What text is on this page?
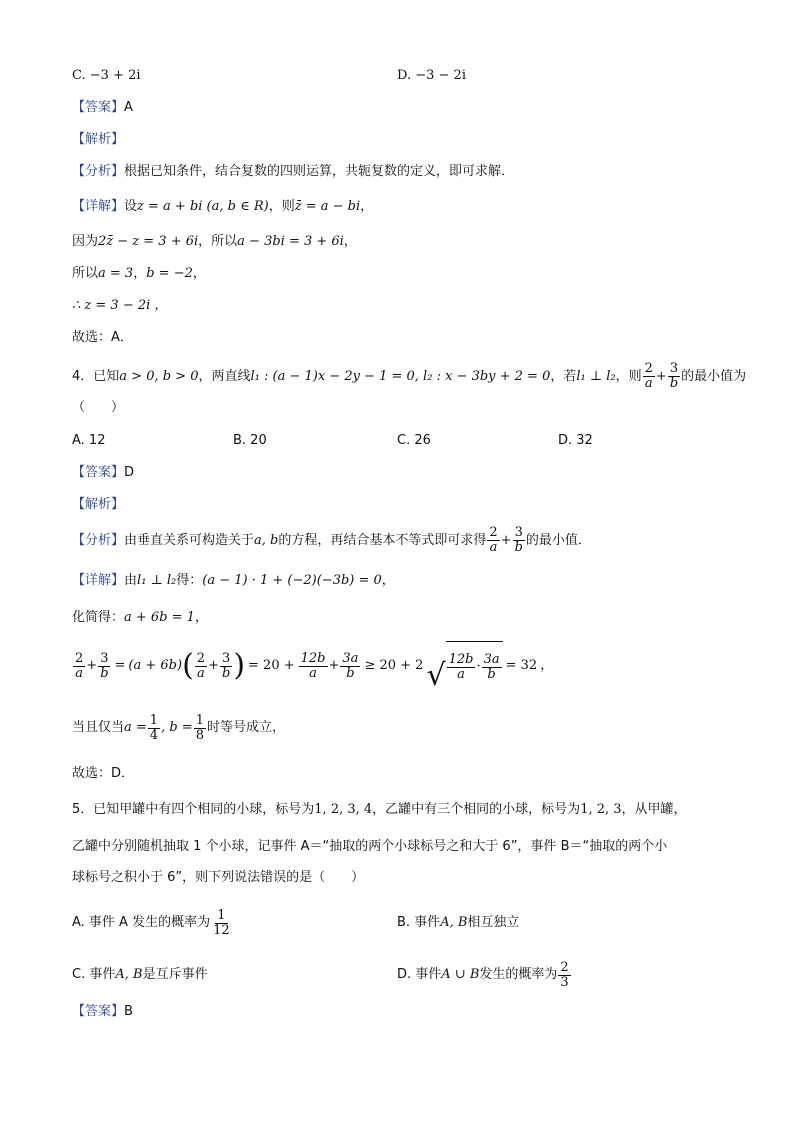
C. −3 + 2i	D. −3 − 2i
【答案】A
【解析】
【分析】根据已知条件，结合复数的四则运算，共轭复数的定义，即可求解．
【详解】设z = a + bi (a, b ∈ R)，则z̄ = a − bi，
因为2z̄ − z = 3 + 6i，所以a − 3bi = 3 + 6i，
所以a = 3，b = −2，
∴ z = 3 − 2i ，
故选：A．
4．已知a > 0, b > 0，两直线l₁ : (a − 1)x − 2y − 1 = 0, l₂ : x − 3by + 2 = 0，若l₁ ⊥ l₂，则 $\frac{2}{a} + \frac{3}{b}$ 的最小值为
（　　）
A. 12	B. 20	C. 26	D. 32
【答案】D
【解析】
【分析】由垂直关系可构造关于a, b的方程，再结合基本不等式即可求得 $\frac{2}{a} + \frac{3}{b}$ 的最小值．
【详解】由l₁ ⊥ l₂得：(a − 1) · 1 + (−2)(−3b) = 0，
化简得：a + 6b = 1，
$\frac{2}{a} + \frac{3}{b} = (a + 6b)$ ( $\frac{2}{a} + \frac{3}{b}$ ) = $20 + \frac{12b}{a} + \frac{3a}{b} \ge 20 + 2$ √ $\frac{12b}{a} \cdot \frac{3a}{b} = 32$ ，
当且仅当 $a = \frac{1}{4}$ , $b = \frac{1}{8}$ 时等号成立，
故选：D．
5．已知甲罐中有四个相同的小球，标号为1, 2, 3, 4，乙罐中有三个相同的小球，标号为1, 2, 3，从甲罐，
乙罐中分别随机抽取 1 个小球，记事件 A＝“抽取的两个小球标号之和大于 6”，事件 B＝“抽取的两个小
球标号之积小于 6”，则下列说法错误的是（　　）
A. 事件 A 发生的概率为 $\frac{1}{12}$	B. 事件A, B相互独立
C. 事件A, B是互斥事件	D. 事件 A ∪ B 发生的概率为 $\frac{2}{3}$
【答案】B
